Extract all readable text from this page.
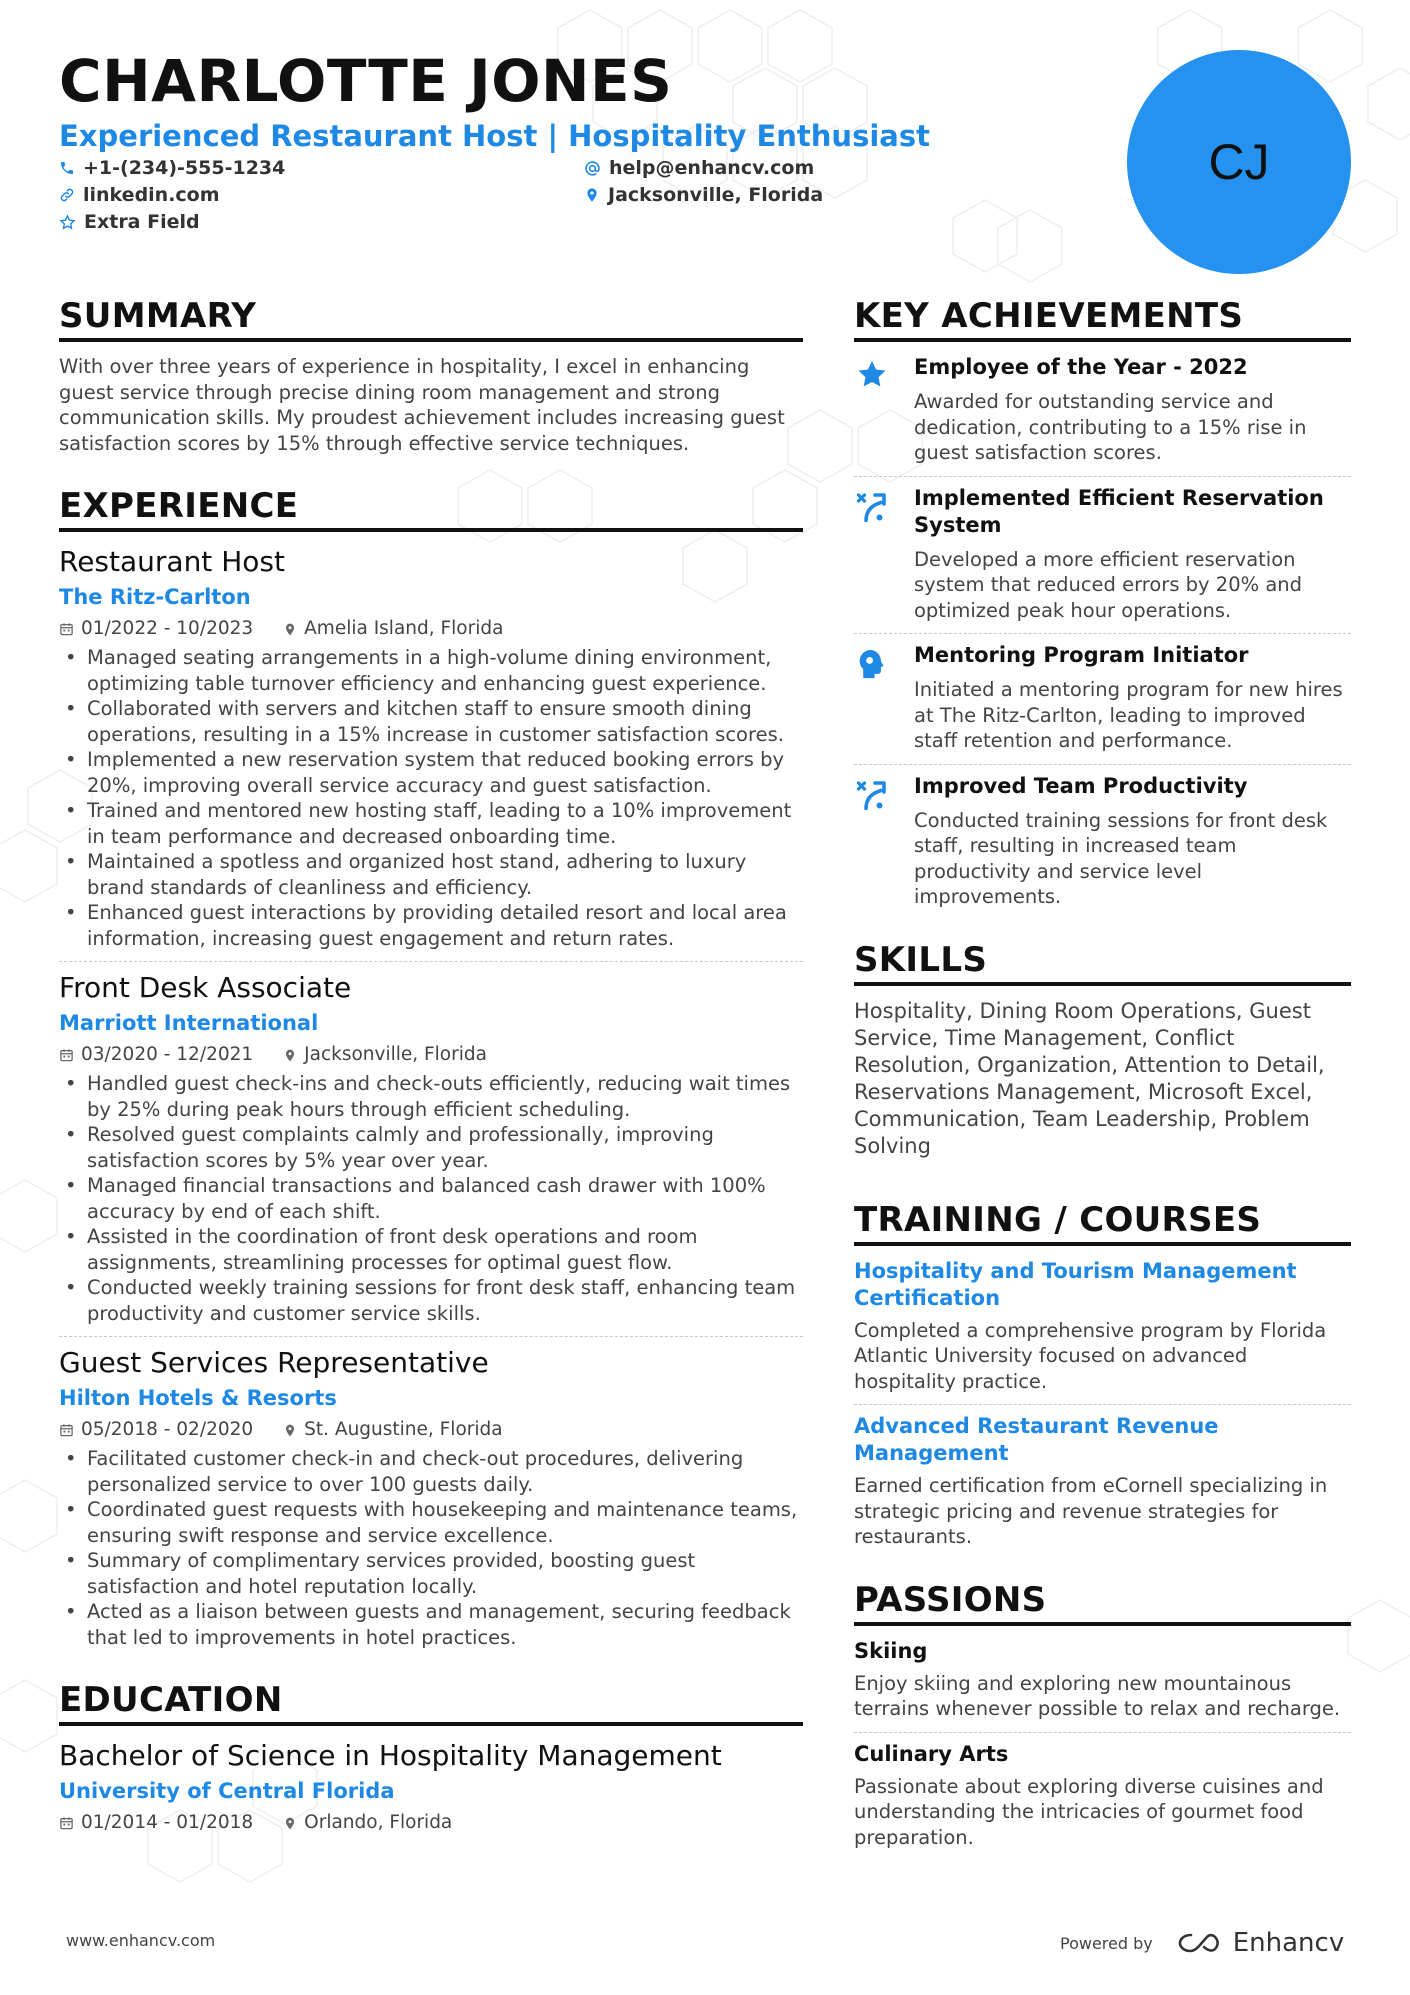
CHARLOTTE JONES
Experienced Restaurant Host | Hospitality Enthusiast
+1-(234)-555-1234	help@enhancv.com
linkedin.com	Jacksonville, Florida
Extra Field
CJ
SUMMARY
With over three years of experience in hospitality, I excel in enhancing guest service through precise dining room management and strong communication skills. My proudest achievement includes increasing guest satisfaction scores by 15% through effective service techniques.
EXPERIENCE
Restaurant Host
The Ritz-Carlton
01/2022 - 10/2023	Amelia Island, Florida
• Managed seating arrangements in a high-volume dining environment, optimizing table turnover efficiency and enhancing guest experience.
• Collaborated with servers and kitchen staff to ensure smooth dining operations, resulting in a 15% increase in customer satisfaction scores.
• Implemented a new reservation system that reduced booking errors by 20%, improving overall service accuracy and guest satisfaction.
• Trained and mentored new hosting staff, leading to a 10% improvement in team performance and decreased onboarding time.
• Maintained a spotless and organized host stand, adhering to luxury brand standards of cleanliness and efficiency.
• Enhanced guest interactions by providing detailed resort and local area information, increasing guest engagement and return rates.
Front Desk Associate
Marriott International
03/2020 - 12/2021	Jacksonville, Florida
• Handled guest check-ins and check-outs efficiently, reducing wait times by 25% during peak hours through efficient scheduling.
• Resolved guest complaints calmly and professionally, improving satisfaction scores by 5% year over year.
• Managed financial transactions and balanced cash drawer with 100% accuracy by end of each shift.
• Assisted in the coordination of front desk operations and room assignments, streamlining processes for optimal guest flow.
• Conducted weekly training sessions for front desk staff, enhancing team productivity and customer service skills.
Guest Services Representative
Hilton Hotels & Resorts
05/2018 - 02/2020	St. Augustine, Florida
• Facilitated customer check-in and check-out procedures, delivering personalized service to over 100 guests daily.
• Coordinated guest requests with housekeeping and maintenance teams, ensuring swift response and service excellence.
• Summary of complimentary services provided, boosting guest satisfaction and hotel reputation locally.
• Acted as a liaison between guests and management, securing feedback that led to improvements in hotel practices.
EDUCATION
Bachelor of Science in Hospitality Management
University of Central Florida
01/2014 - 01/2018	Orlando, Florida
KEY ACHIEVEMENTS
Employee of the Year - 2022
Awarded for outstanding service and dedication, contributing to a 15% rise in guest satisfaction scores.
Implemented Efficient Reservation System
Developed a more efficient reservation system that reduced errors by 20% and optimized peak hour operations.
Mentoring Program Initiator
Initiated a mentoring program for new hires at The Ritz-Carlton, leading to improved staff retention and performance.
Improved Team Productivity
Conducted training sessions for front desk staff, resulting in increased team productivity and service level improvements.
SKILLS
Hospitality, Dining Room Operations, Guest Service, Time Management, Conflict Resolution, Organization, Attention to Detail, Reservations Management, Microsoft Excel, Communication, Team Leadership, Problem Solving
TRAINING / COURSES
Hospitality and Tourism Management Certification
Completed a comprehensive program by Florida Atlantic University focused on advanced hospitality practice.
Advanced Restaurant Revenue Management
Earned certification from eCornell specializing in strategic pricing and revenue strategies for restaurants.
PASSIONS
Skiing
Enjoy skiing and exploring new mountainous terrains whenever possible to relax and recharge.
Culinary Arts
Passionate about exploring diverse cuisines and understanding the intricacies of gourmet food preparation.
www.enhancv.com	Powered by	Enhancv
